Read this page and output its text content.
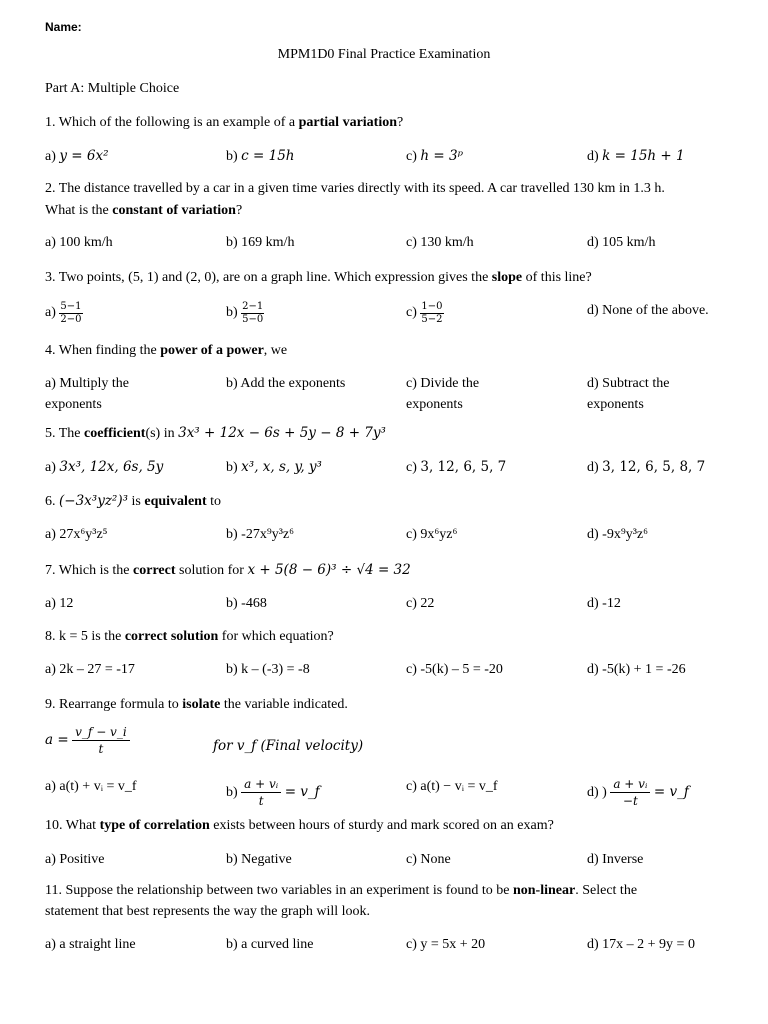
Name:
MPM1D0 Final Practice Examination
Part A: Multiple Choice
1. Which of the following is an example of a partial variation?
a) y = 6x²	b) c = 15h	c) h = 3ᵖ	d) k = 15h + 1
2. The distance travelled by a car in a given time varies directly with its speed. A car travelled 130 km in 1.3 h.
What is the constant of variation?
a) 100 km/h	b) 169 km/h	c) 130 km/h	d) 105 km/h
3. Two points, (5, 1) and (2, 0), are on a graph line. Which expression gives the slope of this line?
$a) \frac{5-1}{2-0}$	$b) \frac{2-1}{5-0}$	$c) \frac{1-0}{5-2}$	d) None of the above.
4. When finding the power of a power, we
a) Multiply the
exponents
b) Add the exponents	c) Divide the
exponents
d) Subtract the
exponents
5. The coefficient(s) in 3x³ + 12x − 6s + 5y − 8 + 7y³
a) 3x³, 12x, 6s, 5y	b) x³, x, s, y, y³	c) 3, 12, 6, 5, 7	d) 3, 12, 6, 5, 8, 7
6. (−3x³yz²)³ is equivalent to
a) 27x⁶y³z⁵	b) -27x⁹y³z⁶	c) 9x⁶yz⁶	d) -9x⁹y³z⁶
7. Which is the correct solution for x + 5(8 − 6)³ ÷ √4 = 32
a) 12	b) -468	c) 22	d) -12
8. k = 5 is the correct solution for which equation?
a) 2k – 27 = -17	b) k – (-3) = -8	c) -5(k) – 5 = -20	d) -5(k) + 1 = -26
9. Rearrange formula to isolate the variable indicated.
$a = \frac{v\_f - v\_i}{t}$	for v_f (Final velocity)
a) a(t) + vᵢ = v_f	$b) \frac{\text{a + vᵢ}}{t}$ = v_f	c) a(t) − vᵢ = v_f	d) ) $\frac{\text{a + vᵢ}}{-t}$ = v_f
10. What type of correlation exists between hours of sturdy and mark scored on an exam?
a) Positive	b) Negative	c) None	d) Inverse
11. Suppose the relationship between two variables in an experiment is found to be non-linear. Select the
statement that best represents the way the graph will look.
a) a straight line	b) a curved line	c) y = 5x + 20	d) 17x – 2 + 9y = 0
